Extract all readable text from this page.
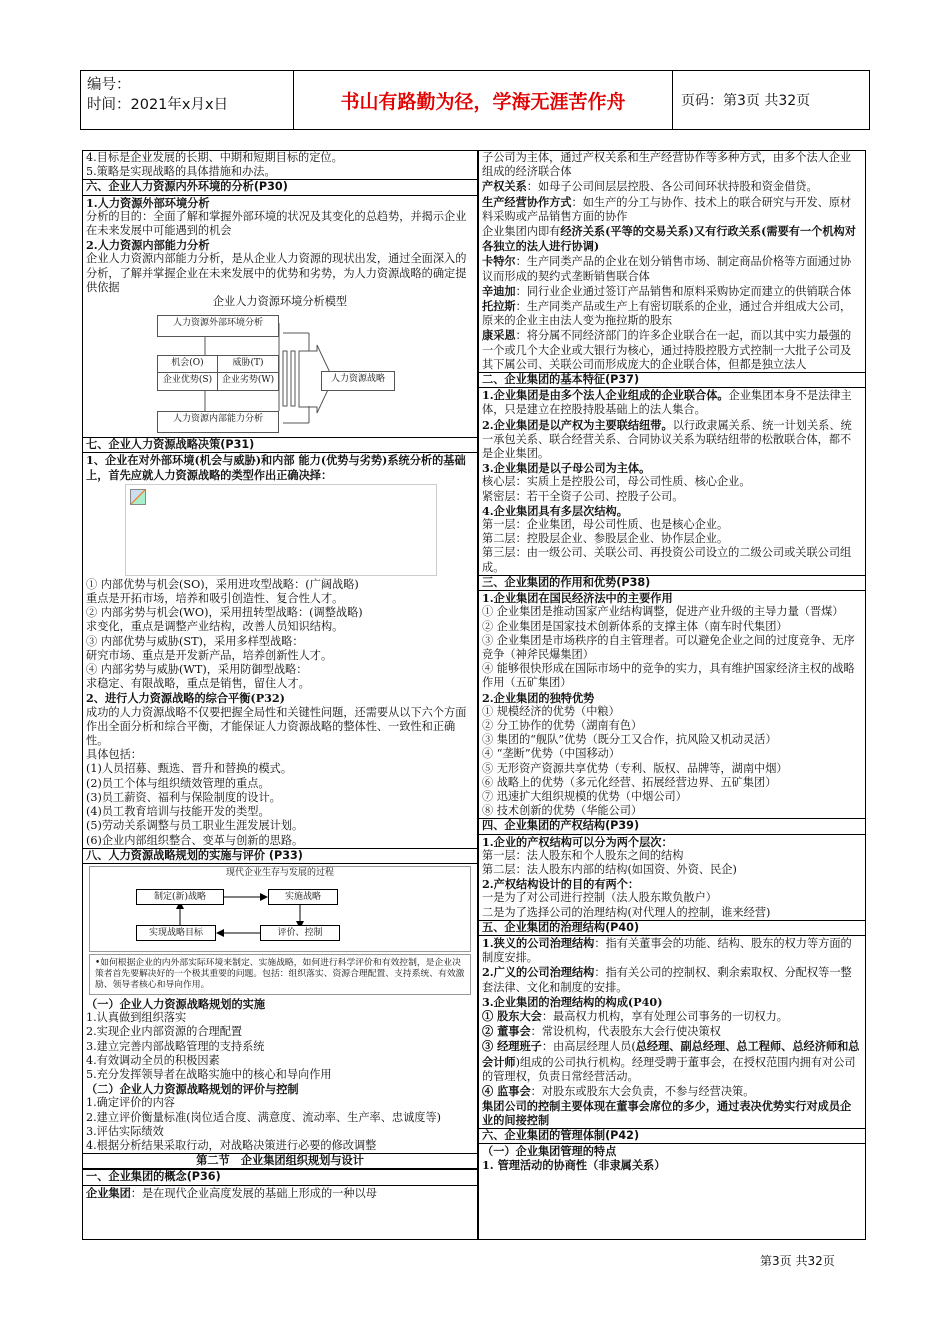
编号：
时间：2021年x月x日	书山有路勤为径，学海无涯苦作舟	页码：第3页 共32页

4.目标是企业发展的长期、中期和短期目标的定位。

5.策略是实现战略的具体措施和办法。

六、企业人力资源内外环境的分析(P30)

1.人力资源外部环境分析

分析的目的：全面了解和掌握外部环境的状况及其变化的总趋势，并揭示企业在未来发展中可能遇到的机会

2.人力资源内部能力分析

企业人力资源内部能力分析，是从企业人力资源的现状出发，通过全面深入的分析，了解并掌握企业在未来发展中的优势和劣势，为人力资源战略的确定提供依据

企业人力资源环境分析模型

人力资源外部环境分析
机会(O)	威胁(T)
企业优势(S)	企业劣势(W)	人力资源战略
人力资源内部能力分析
七、企业人力资源战略决策(P31)

1、企业在对外部环境(机会与威胁)和内部 能力(优势与劣势)系统分析的基础上，首先应就人力资源战略的类型作出正确决择：

① 内部优势与机会(SO)，采用进攻型战略：(广阔战略)

重点是开拓市场，培养和吸引创造性、复合性人才。

② 内部劣势与机会(WO)，采用扭转型战略：(调整战略)

求变化，重点是调整产业结构，改善人员知识结构。

③ 内部优势与威胁(ST)，采用多样型战略：

研究市场、重点是开发新产品，培养创新性人才。

④ 内部劣势与威胁(WT)，采用防御型战略：

求稳定、有限战略，重点是销售，留住人才。

2、进行人力资源战略的综合平衡(P32)

成功的人力资源战略不仅要把握全局性和关键性问题，还需要从以下六个方面作出全面分析和综合平衡，才能保证人力资源战略的整体性、一致性和正确性。

具体包括：

(1)人员招募、甄选、晋升和替换的模式。

(2)员工个体与组织绩效管理的重点。

(3)员工薪资、福利与保险制度的设计。

(4)员工教育培训与技能开发的类型。

(5)劳动关系调整与员工职业生涯发展计划。

(6)企业内部组织整合、变革与创新的思路。

八、人力资源战略规划的实施与评价 (P33)
现代企业生存与发展的过程
制定(新)战略	实施战略
实现战略目标	评价、控制
•如何根据企业的内外部实际环境来制定、实施战略，如何进行科学评价和有效控制，是企业决策者首先要解决好的一个极其重要的问题。包括：组织落实、资源合理配置、支持系统、有效激励、领导者核心和导向作用。

（一）企业人力资源战略规划的实施

1.认真做到组织落实

2.实现企业内部资源的合理配置

3.建立完善内部战略管理的支持系统

4.有效调动全员的积极因素

5.充分发挥领导者在战略实施中的核心和导向作用

（二）企业人力资源战略规划的评价与控制

1.确定评价的内容

2.建立评价衡量标准(岗位适合度、满意度、流动率、生产率、忠诚度等)

3.评估实际绩效

4.根据分析结果采取行动，对战略决策进行必要的修改调整

第二节　企业集团组织规划与设计
一、企业集团的概念(P36)

企业集团：是在现代企业高度发展的基础上形成的一种以母

子公司为主体，通过产权关系和生产经营协作等多种方式，由多个法人企业组成的经济联合体

产权关系：如母子公司间层层控股、各公司间环状持股和资金借贷。

生产经营协作方式：如生产的分工与协作、技术上的联合研究与开发、原材料采购或产品销售方面的协作

企业集团内即有经济关系(平等的交易关系)又有行政关系(需要有一个机构对各独立的法人进行协调)

卡特尔：生产同类产品的企业在划分销售市场、制定商品价格等方面通过协议而形成的契约式垄断销售联合体

辛迪加：同行业企业通过签订产品销售和原料采购协定而建立的供销联合体

托拉斯：生产同类产品或生产上有密切联系的企业，通过合并组成大公司，原来的企业主由法人变为拖拉斯的股东

康采恩：将分属不同经济部门的许多企业联合在一起，而以其中实力最强的一个或几个大企业或大银行为核心，通过持股控股方式控制一大批子公司及其下属公司、关联公司而形成庞大的企业联合体，但都是独立法人

二、企业集团的基本特征(P37)

1.企业集团是由多个法人企业组成的企业联合体。企业集团本身不是法律主体，只是建立在控股持股基础上的法人集合。

2.企业集团是以产权为主要联结纽带。以行政隶属关系、统一计划关系、统一承包关系、联合经营关系、合同协议关系为联结纽带的松散联合体，都不是企业集团。

3.企业集团是以子母公司为主体。

核心层：实质上是控股公司，母公司性质、核心企业。

紧密层：若干全资子公司、控股子公司。

4.企业集团具有多层次结构。

第一层：企业集团，母公司性质、也是核心企业。

第二层：控股层企业、参股层企业、协作层企业。

第三层：由一级公司、关联公司、再投资公司设立的二级公司或关联公司组成。

三、企业集团的作用和优势(P38)

1.企业集团在国民经济法中的主要作用

① 企业集团是推动国家产业结构调整，促进产业升级的主导力量（晋煤）

② 企业集团是国家技术创新体系的支撑主体（南车时代集团）

③ 企业集团是市场秩序的自主管理者。可以避免企业之间的过度竞争、无序竞争（神斧民爆集团）

④ 能够很快形成在国际市场中的竞争的实力，具有维护国家经济主权的战略作用（五矿集团）

2.企业集团的独特优势

① 规模经济的优势（中粮）

② 分工协作的优势（湖南有色）

③ 集团的“舰队”优势（既分工又合作，抗风险又机动灵活）

④ “垄断”优势（中国移动）

⑤ 无形资产资源共享优势（专利、版权、品牌等，湖南中烟）

⑥ 战略上的优势（多元化经营、拓展经营边界、五矿集团）

⑦ 迅速扩大组织规模的优势（中烟公司）

⑧ 技术创新的优势（华能公司）

四、企业集团的产权结构(P39)

1.企业的产权结构可以分为两个层次：

第一层：法人股东和个人股东之间的结构

第二层：法人股东内部的结构(如国资、外资、民企)

2.产权结构设计的目的有两个：

一是为了对公司进行控制（法人股东欺负散户）

二是为了选择公司的治理结构(对代理人的控制，谁来经营)

五、企业集团的治理结构(P40)

1.狭义的公司治理结构：指有关董事会的功能、结构、股东的权力等方面的制度安排。

2.广义的公司治理结构：指有关公司的控制权、剩余索取权、分配权等一整套法律、文化和制度的安排。

3.企业集团的治理结构的构成(P40)

① 股东大会：最高权力机构，享有处理公司事务的一切权力。

② 董事会：常设机构，代表股东大会行使决策权

③ 经理班子：由高层经理人员(总经理、副总经理、总工程师、总经济师和总会计师)组成的公司执行机构。经理受聘于董事会，在授权范围内拥有对公司的管理权，负责日常经营活动。

④ 监事会：对股东或股东大会负责，不参与经营决策。

集团公司的控制主要体现在董事会席位的多少，通过表决优势实行对成员企业的间接控制

六、企业集团的管理体制(P42)

（一）企业集团管理的特点

1. 管理活动的协商性（非隶属关系）

第3页 共32页
